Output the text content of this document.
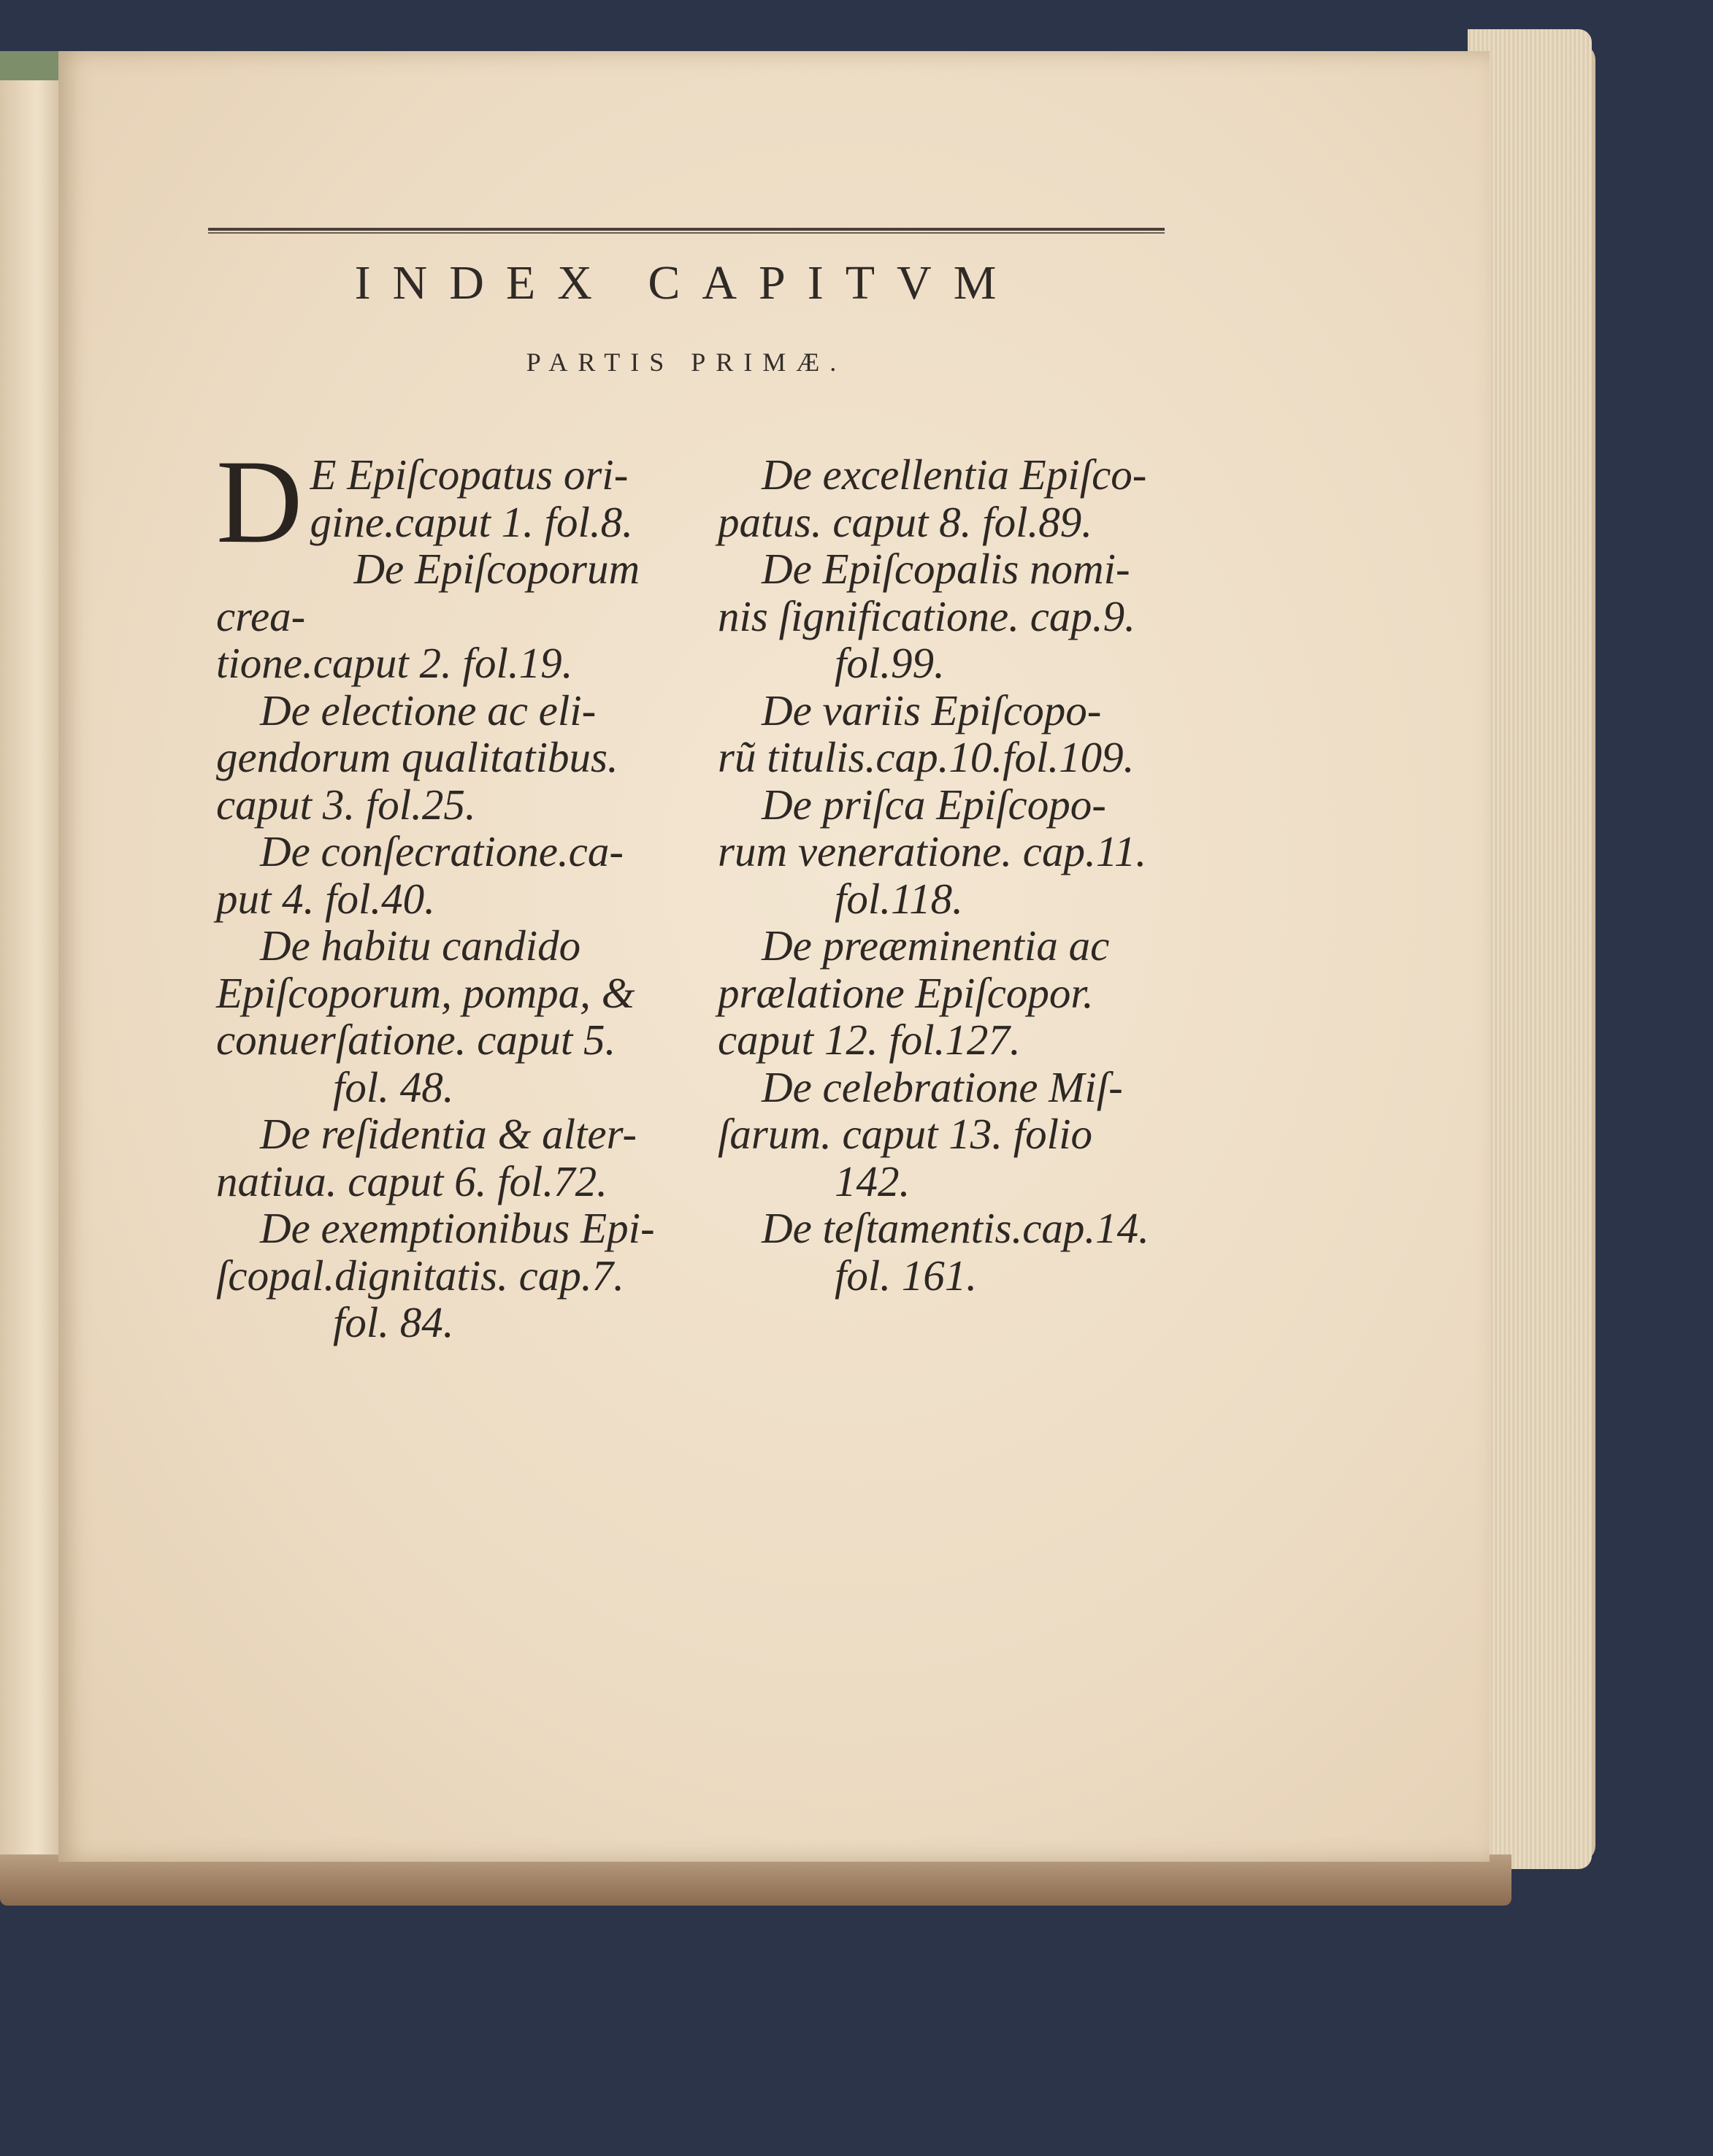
INDEX CAPITVM
PARTIS PRIMÆ.
D E Epiſcopatus ori-

gine.caput 1. fol.8.

De Epiſcoporum crea-

tione.caput 2. fol.19.

De electione ac eli-

gendorum qualitatibus.

caput 3. fol.25.

De conſecratione.ca-

put 4. fol.40.

De habitu candido

Epiſcoporum, pompa, &

conuerſatione. caput 5.

fol. 48.

De reſidentia & alter-

natiua. caput 6. fol.72.

De exemptionibus Epi-

ſcopal.dignitatis. cap.7.

fol. 84.

De excellentia Epiſco-

patus. caput 8. fol.89.

De Epiſcopalis nomi-

nis ſignificatione. cap.9.

fol.99.

De variis Epiſcopo-

rũ titulis.cap.10.fol.109.

De priſca Epiſcopo-

rum veneratione. cap.11.

fol.118.

De preæminentia ac

prælatione Epiſcopor.

caput 12. fol.127.

De celebratione Miſ-

ſarum. caput 13. folio

142.

De teſtamentis.cap.14.

fol. 161.
